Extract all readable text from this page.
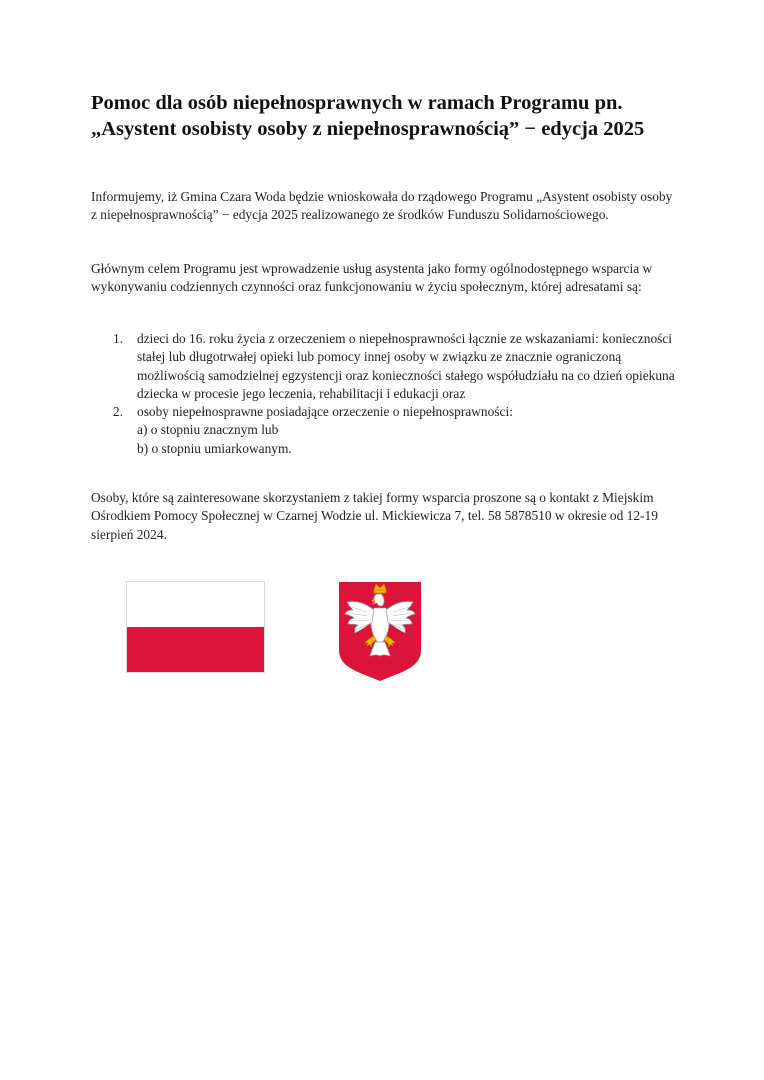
Pomoc dla osób niepełnosprawnych w ramach Programu pn. „Asystent osobisty osoby z niepełnosprawnością” − edycja 2025

Informujemy, iż Gmina Czara Woda będzie wnioskowała do rządowego Programu „Asystent osobisty osoby z niepełnosprawnością” − edycja 2025 realizowanego ze środków Funduszu Solidarnościowego.

Głównym celem Programu jest wprowadzenie usług asystenta jako formy ogólnodostępnego wsparcia w wykonywaniu codziennych czynności oraz funkcjonowaniu w życiu społecznym, której adresatami są:

1. dzieci do 16. roku życia z orzeczeniem o niepełnosprawności łącznie ze wskazaniami: konieczności stałej lub długotrwałej opieki lub pomocy innej osoby w związku ze znacznie ograniczoną możliwością samodzielnej egzystencji oraz konieczności stałego współudziału na co dzień opiekuna dziecka w procesie jego leczenia, rehabilitacji i edukacji oraz
2. osoby niepełnosprawne posiadające orzeczenie o niepełnosprawności:
a) o stopniu znacznym lub
b) o stopniu umiarkowanym.

Osoby, które są zainteresowane skorzystaniem z takiej formy wsparcia proszone są o kontakt z Miejskim Ośrodkiem Pomocy Społecznej w Czarnej Wodzie ul. Mickiewicza 7, tel. 58 5878510 w okresie od 12-19 sierpień 2024.
